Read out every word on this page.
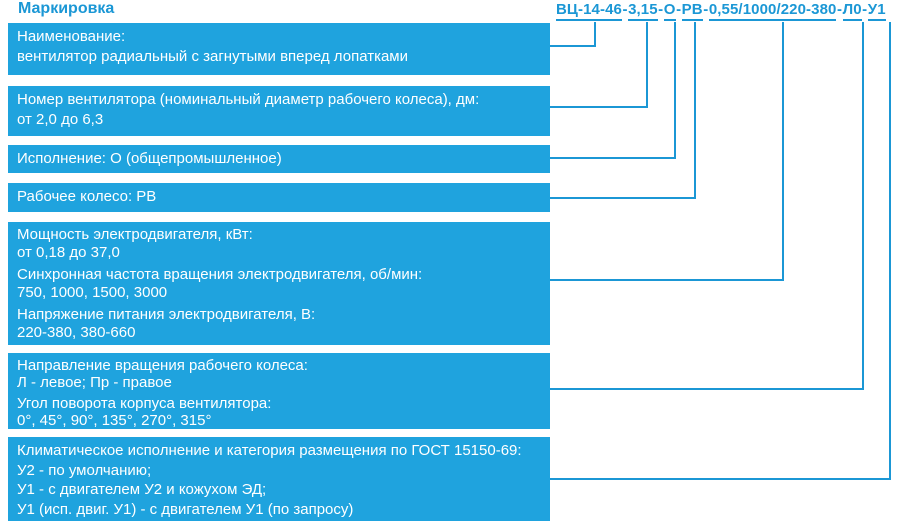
Маркировка	ВЦ-14-46-3,15-О-РВ-0,55/1000/220-380-Л0-У1

Наименование:
вентилятор радиальный с загнутыми вперед лопатками

Номер вентилятора (номинальный диаметр рабочего колеса), дм:
от 2,0 до 6,3

Исполнение: О (общепромышленное)

Рабочее колесо: РВ

Мощность электродвигателя, кВт:
от 0,18 до 37,0

Синхронная частота вращения электродвигателя, об/мин:
750, 1000, 1500, 3000

Напряжение питания электродвигателя, В:
220-380, 380-660

Направление вращения рабочего колеса:
Л - левое; Пр - правое

Угол поворота корпуса вентилятора:
0°, 45°, 90°, 135°, 270°, 315°

Климатическое исполнение и категория размещения по ГОСТ 15150-69:
У2 - по умолчанию;
У1 - с двигателем У2 и кожухом ЭД;
У1 (исп. двиг. У1) - с двигателем У1 (по запросу)
